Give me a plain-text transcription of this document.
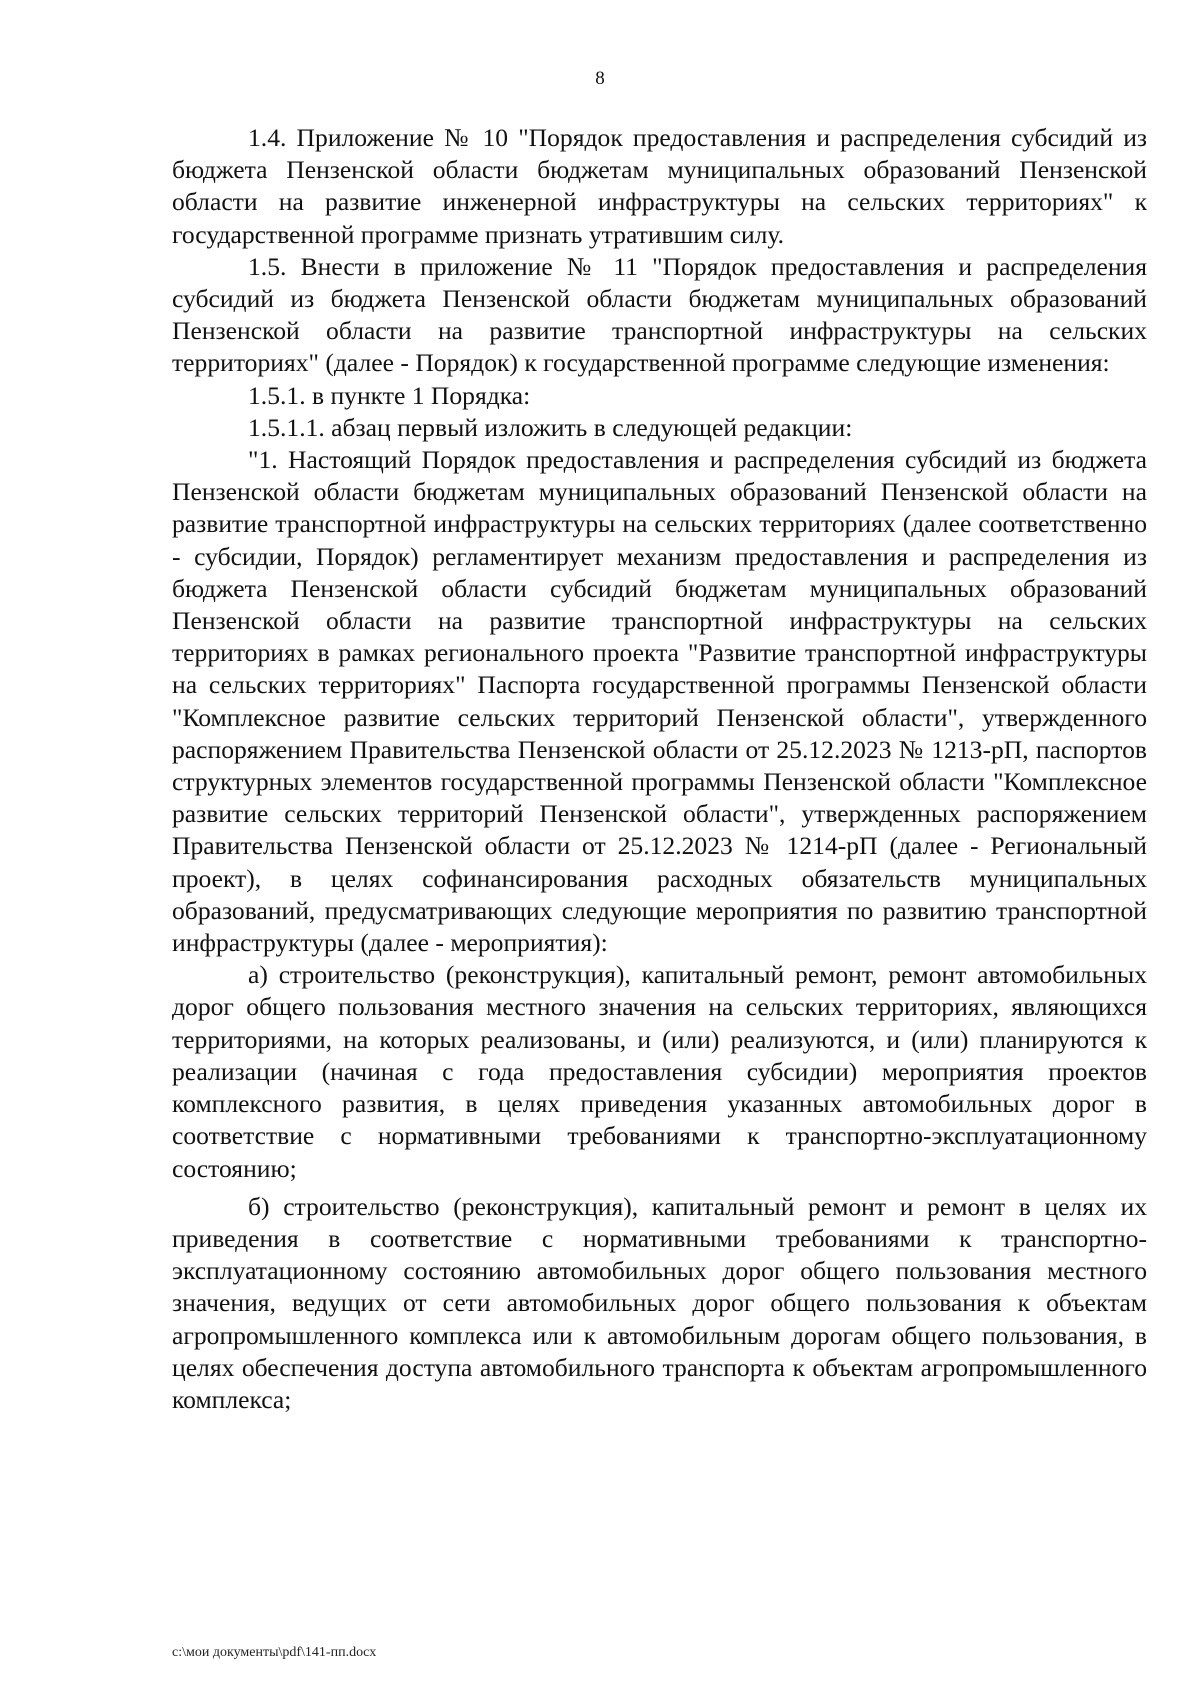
8

1.4. Приложение № 10 "Порядок предоставления и распределения субсидий из бюджета Пензенской области бюджетам муниципальных образований Пензенской области на развитие инженерной инфраструктуры на сельских территориях" к государственной программе признать утратившим силу.

1.5. Внести в приложение № 11 "Порядок предоставления и распределения субсидий из бюджета Пензенской области бюджетам муниципальных образований Пензенской области на развитие транспортной инфраструктуры на сельских территориях" (далее - Порядок) к государственной программе следующие изменения:

1.5.1. в пункте 1 Порядка:

1.5.1.1. абзац первый изложить в следующей редакции:

"1. Настоящий Порядок предоставления и распределения субсидий из бюджета Пензенской области бюджетам муниципальных образований Пензенской области на развитие транспортной инфраструктуры на сельских территориях (далее соответственно - субсидии, Порядок) регламентирует механизм предоставления и распределения из бюджета Пензенской области субсидий бюджетам муниципальных образований Пензенской области на развитие транспортной инфраструктуры на сельских территориях в рамках регионального проекта "Развитие транспортной инфраструктуры на сельских территориях" Паспорта государственной программы Пензенской области "Комплексное развитие сельских территорий Пензенской области", утвержденного распоряжением Правительства Пензенской области от 25.12.2023 № 1213-рП, паспортов структурных элементов государственной программы Пензенской области "Комплексное развитие сельских территорий Пензенской области", утвержденных распоряжением Правительства Пензенской области от 25.12.2023 № 1214-рП (далее - Региональный проект), в целях софинансирования расходных обязательств муниципальных образований, предусматривающих следующие мероприятия по развитию транспортной инфраструктуры (далее - мероприятия):

а) строительство (реконструкция), капитальный ремонт, ремонт автомобильных дорог общего пользования местного значения на сельских территориях, являющихся территориями, на которых реализованы, и (или) реализуются, и (или) планируются к реализации (начиная с года предоставления субсидии) мероприятия проектов комплексного развития, в целях приведения указанных автомобильных дорог в соответствие с нормативными требованиями к транспортно-эксплуатационному состоянию;

б) строительство (реконструкция), капитальный ремонт и ремонт в целях их приведения в соответствие с нормативными требованиями к транспортно-эксплуатационному состоянию автомобильных дорог общего пользования местного значения, ведущих от сети автомобильных дорог общего пользования к объектам агропромышленного комплекса или к автомобильным дорогам общего пользования, в целях обеспечения доступа автомобильного транспорта к объектам агропромышленного комплекса;

c:\мои документы\pdf\141-пп.docx
